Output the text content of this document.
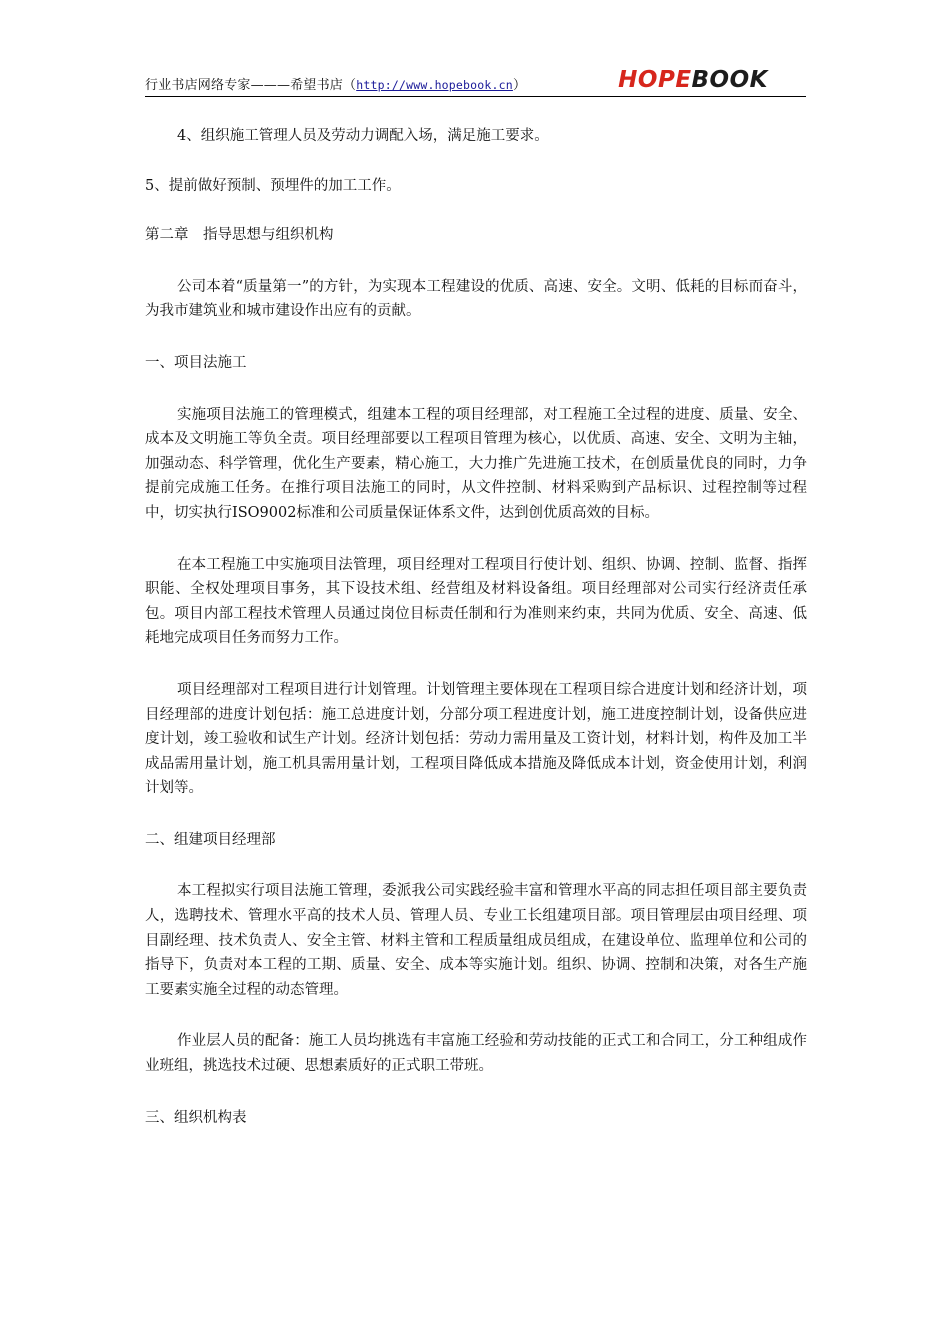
行业书店网络专家———希望书店（http://www.hopebook.cn）	HOPEBOOK

4、组织施工管理人员及劳动力调配入场，满足施工要求。

5、提前做好预制、预埋件的加工工作。

第二章　指导思想与组织机构

公司本着“质量第一”的方针，为实现本工程建设的优质、高速、安全。文明、低耗的目标而奋斗，为我市建筑业和城市建设作出应有的贡献。

一、项目法施工

实施项目法施工的管理模式，组建本工程的项目经理部，对工程施工全过程的进度、质量、安全、成本及文明施工等负全责。项目经理部要以工程项目管理为核心，以优质、高速、安全、文明为主轴，加强动态、科学管理，优化生产要素，精心施工，大力推广先进施工技术，在创质量优良的同时，力争提前完成施工任务。在推行项目法施工的同时，从文件控制、材料采购到产品标识、过程控制等过程中，切实执行ISO9002标准和公司质量保证体系文件，达到创优质高效的目标。

在本工程施工中实施项目法管理，项目经理对工程项目行使计划、组织、协调、控制、监督、指挥职能、全权处理项目事务，其下设技术组、经营组及材料设备组。项目经理部对公司实行经济责任承包。项目内部工程技术管理人员通过岗位目标责任制和行为准则来约束，共同为优质、安全、高速、低耗地完成项目任务而努力工作。

项目经理部对工程项目进行计划管理。计划管理主要体现在工程项目综合进度计划和经济计划，项目经理部的进度计划包括：施工总进度计划，分部分项工程进度计划，施工进度控制计划，设备供应进度计划，竣工验收和试生产计划。经济计划包括：劳动力需用量及工资计划，材料计划，构件及加工半成品需用量计划，施工机具需用量计划，工程项目降低成本措施及降低成本计划，资金使用计划，利润计划等。

二、组建项目经理部

本工程拟实行项目法施工管理，委派我公司实践经验丰富和管理水平高的同志担任项目部主要负责人，选聘技术、管理水平高的技术人员、管理人员、专业工长组建项目部。项目管理层由项目经理、项目副经理、技术负责人、安全主管、材料主管和工程质量组成员组成，在建设单位、监理单位和公司的指导下，负责对本工程的工期、质量、安全、成本等实施计划。组织、协调、控制和决策，对各生产施工要素实施全过程的动态管理。

作业层人员的配备：施工人员均挑选有丰富施工经验和劳动技能的正式工和合同工，分工种组成作业班组，挑选技术过硬、思想素质好的正式职工带班。

三、组织机构表
